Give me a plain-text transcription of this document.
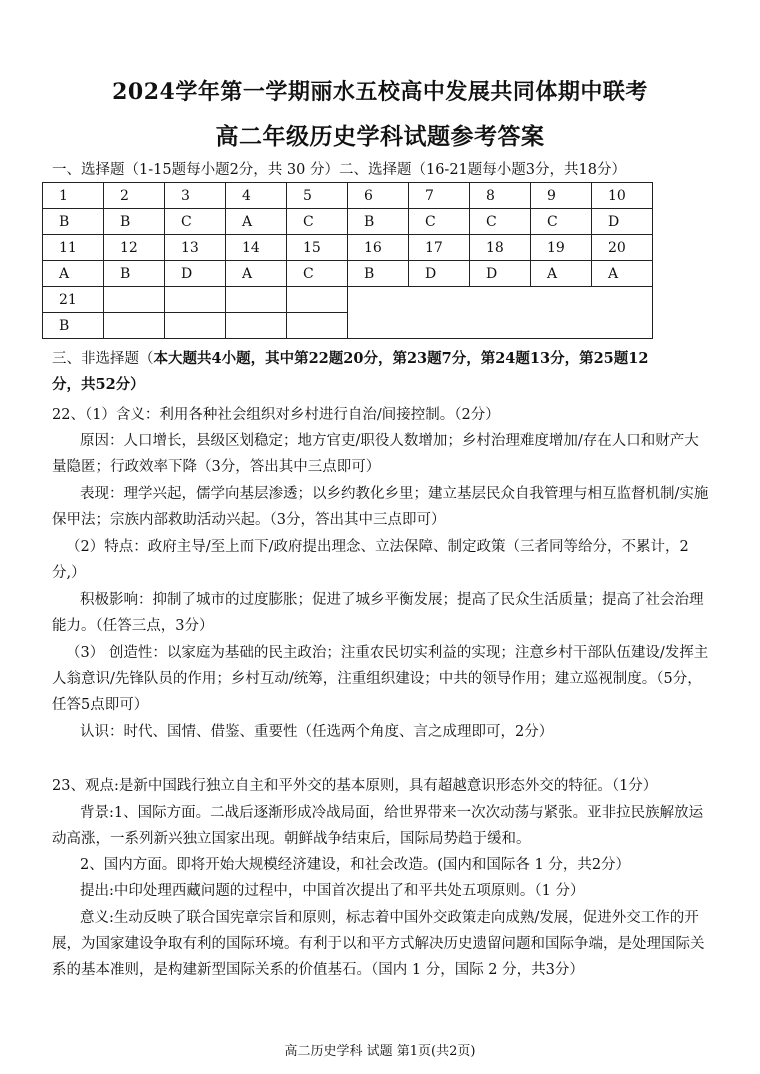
2024学年第一学期丽水五校高中发展共同体期中联考
高二年级历史学科试题参考答案
一、选择题（1-15题每小题2分，共 30 分）二、选择题（16-21题每小题3分，共18分）
1	2	3	4	5	6	7	8	9	10
B	B	C	A	C	B	C	C	C	D
11	12	13	14	15	16	17	18	19	20
A	B	D	A	C	B	D	D	A	A
21									
B									
三、非选择题（本大题共4小题，其中第22题20分，第23题7分，第24题13分，第25题12
分，共52分）
22、（1）含义：利用各种社会组织对乡村进行自治/间接控制。（2分）
原因：人口增长，县级区划稳定；地方官吏/职役人数增加；乡村治理难度增加/存在人口和财产大量隐匿；行政效率下降（3分，答出其中三点即可）
表现：理学兴起，儒学向基层渗透；以乡约教化乡里；建立基层民众自我管理与相互监督机制/实施保甲法；宗族内部救助活动兴起。（3分，答出其中三点即可）
（2）特点：政府主导/至上而下/政府提出理念、立法保障、制定政策（三者同等给分，不累计，2分,）
积极影响：抑制了城市的过度膨胀；促进了城乡平衡发展；提高了民众生活质量；提高了社会治理能力。（任答三点，3分）
（3） 创造性：以家庭为基础的民主政治；注重农民切实利益的实现；注意乡村干部队伍建设/发挥主人翁意识/先锋队员的作用；乡村互动/统筹，注重组织建设；中共的领导作用；建立巡视制度。（5分，任答5点即可）
认识：时代、国情、借鉴、重要性（任选两个角度、言之成理即可，2分）
23、观点:是新中国践行独立自主和平外交的基本原则，具有超越意识形态外交的特征。（1分）
背景:1、国际方面。二战后逐渐形成冷战局面，给世界带来一次次动荡与紧张。亚非拉民族解放运动高涨，一系列新兴独立国家出现。朝鲜战争结束后，国际局势趋于缓和。
2、国内方面。即将开始大规模经济建设，和社会改造。(国内和国际各 1 分，共2分）
提出:中印处理西藏问题的过程中，中国首次提出了和平共处五项原则。（1 分）
意义:生动反映了联合国宪章宗旨和原则，标志着中国外交政策走向成熟/发展，促进外交工作的开展，为国家建设争取有利的国际环境。有利于以和平方式解决历史遗留问题和国际争端，是处理国际关系的基本准则，是构建新型国际关系的价值基石。（国内 1 分，国际 2 分，共3分）
高二历史学科 试题 第1页(共2页)
